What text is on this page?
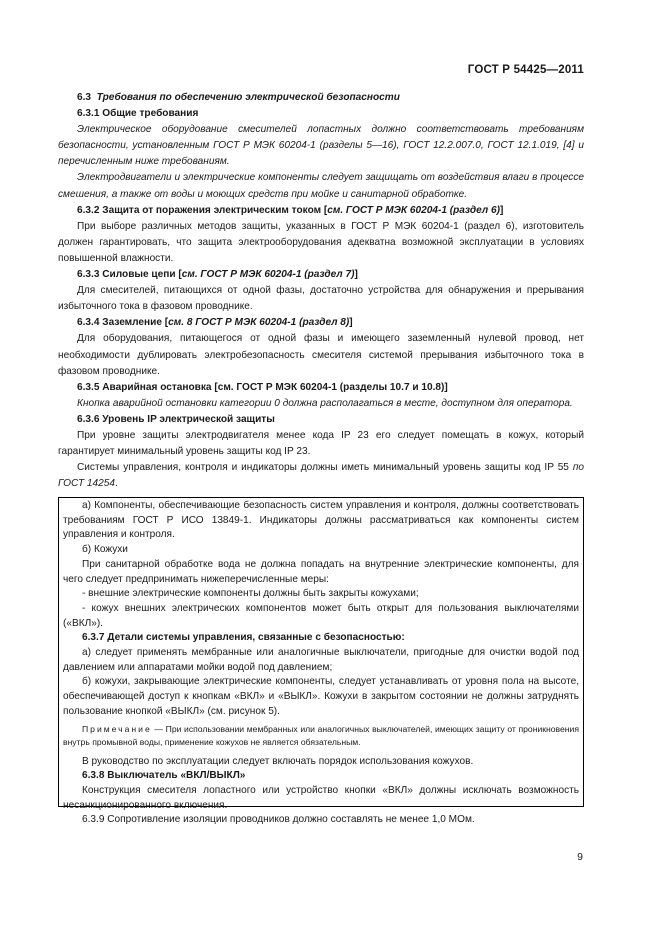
ГОСТ Р 54425—2011

6.3 Требования по обеспечению электрической безопасности

6.3.1 Общие требования

Электрическое оборудование смесителей лопастных должно соответствовать требованиям безопасности, установленным ГОСТ Р МЭК 60204-1 (разделы 5—16), ГОСТ 12.2.007.0, ГОСТ 12.1.019, [4] и перечисленным ниже требованиям.

Электродвигатели и электрические компоненты следует защищать от воздействия влаги в процессе смешения, а также от воды и моющих средств при мойке и санитарной обработке.

6.3.2 Защита от поражения электрическим током [см. ГОСТ Р МЭК 60204-1 (раздел 6)]

При выборе различных методов защиты, указанных в ГОСТ Р МЭК 60204-1 (раздел 6), изготовитель должен гарантировать, что защита электрооборудования адекватна возможной эксплуатации в условиях повышенной влажности.

6.3.3 Силовые цепи [см. ГОСТ Р МЭК 60204-1 (раздел 7)]

Для смесителей, питающихся от одной фазы, достаточно устройства для обнаружения и прерывания избыточного тока в фазовом проводнике.

6.3.4 Заземление [см. 8 ГОСТ Р МЭК 60204-1 (раздел 8)]

Для оборудования, питающегося от одной фазы и имеющего заземленный нулевой провод, нет необходимости дублировать электробезопасность смесителя системой прерывания избыточного тока в фазовом проводнике.

6.3.5 Аварийная остановка [см. ГОСТ Р МЭК 60204-1 (разделы 10.7 и 10.8)]

Кнопка аварийной остановки категории 0 должна располагаться в месте, доступном для оператора.

6.3.6 Уровень IP электрической защиты

При уровне защиты электродвигателя менее кода IP 23 его следует помещать в кожух, который гарантирует минимальный уровень защиты код IP 23.

Системы управления, контроля и индикаторы должны иметь минимальный уровень защиты код IP 55 по ГОСТ 14254.

а) Компоненты, обеспечивающие безопасность систем управления и контроля, должны соответствовать требованиям ГОСТ Р ИСО 13849-1. Индикаторы должны рассматриваться как компоненты систем управления и контроля.

б) Кожухи

При санитарной обработке вода не должна попадать на внутренние электрические компоненты, для чего следует предпринимать нижеперечисленные меры:

- внешние электрические компоненты должны быть закрыты кожухами;

- кожух внешних электрических компонентов может быть открыт для пользования выключателями («ВКЛ»).

6.3.7 Детали системы управления, связанные с безопасностью:

а) следует применять мембранные или аналогичные выключатели, пригодные для очистки водой под давлением или аппаратами мойки водой под давлением;

б) кожухи, закрывающие электрические компоненты, следует устанавливать от уровня пола на высоте, обеспечивающей доступ к кнопкам «ВКЛ» и «ВЫКЛ». Кожухи в закрытом состоянии не должны затруднять пользование кнопкой «ВЫКЛ» (см. рисунок 5).

Примечание — При использовании мембранных или аналогичных выключателей, имеющих защиту от проникновения внутрь промывной воды, применение кожухов не является обязательным.

В руководство по эксплуатации следует включать порядок использования кожухов.

6.3.8 Выключатель «ВКЛ/ВЫКЛ»

Конструкция смесителя лопастного или устройство кнопки «ВКЛ» должны исключать возможность несанкционированного включения.

6.3.9 Сопротивление изоляции проводников должно составлять не менее 1,0 МОм.

9
